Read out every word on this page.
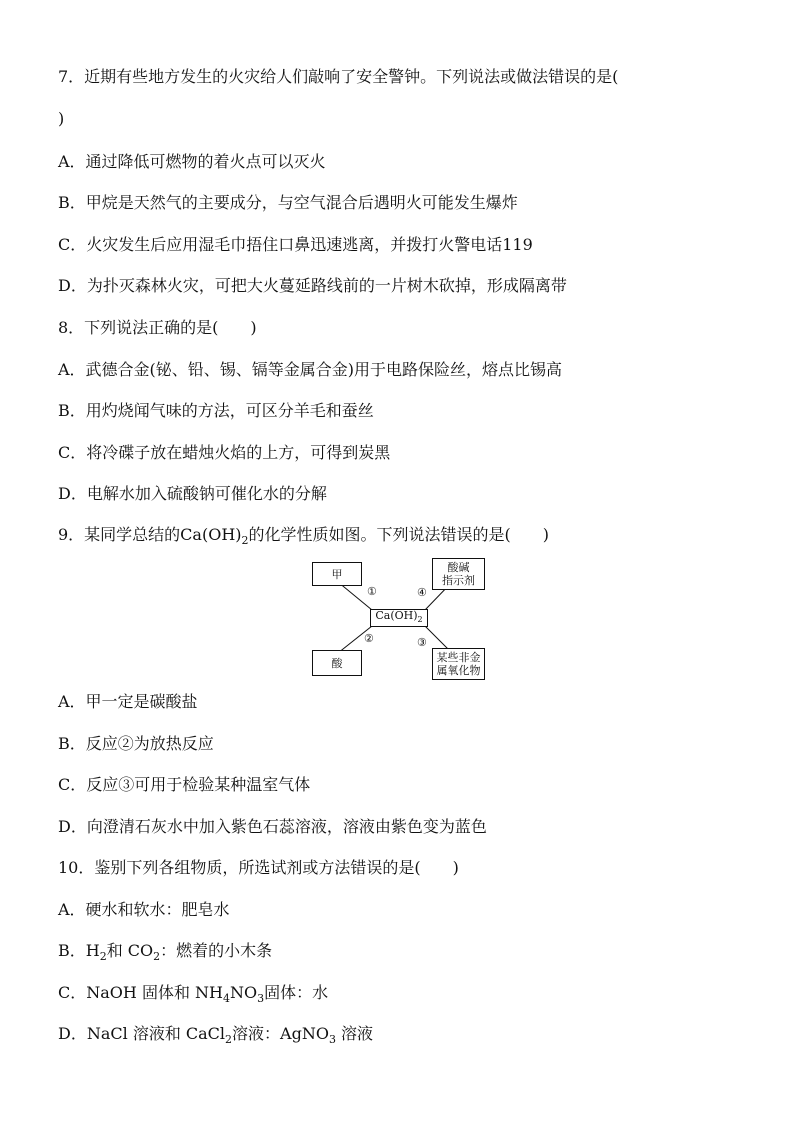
7．近期有些地方发生的火灾给人们敲响了安全警钟。下列说法或做法错误的是(
)
A．通过降低可燃物的着火点可以灭火
B．甲烷是天然气的主要成分，与空气混合后遇明火可能发生爆炸
C．火灾发生后应用湿毛巾捂住口鼻迅速逃离，并拨打火警电话119
D．为扑灭森林火灾，可把大火蔓延路线前的一片树木砍掉，形成隔离带
8．下列说法正确的是(　　)
A．武德合金(铋、铅、锡、镉等金属合金)用于电路保险丝，熔点比锡高
B．用灼烧闻气味的方法，可区分羊毛和蚕丝
C．将冷碟子放在蜡烛火焰的上方，可得到炭黑
D．电解水加入硫酸钠可催化水的分解
9．某同学总结的$Ca(OH)_2$的化学性质如图。下列说法错误的是(　　)
甲	酸碱
指示剂
$Ca(OH)_2$
酸	某些非金
属氧化物
①
②	③
④
A．甲一定是碳酸盐
B．反应②为放热反应
C．反应③可用于检验某种温室气体
D．向澄清石灰水中加入紫色石蕊溶液，溶液由紫色变为蓝色
10．鉴别下列各组物质，所选试剂或方法错误的是(　　)
A．硬水和软水：肥皂水
B．$H_2$和 $CO_2$：燃着的小木条
C．NaOH 固体和 $NH_4NO_3$固体：水
D．NaCl 溶液和 CaCl$_2$溶液：AgNO$_3$ 溶液
